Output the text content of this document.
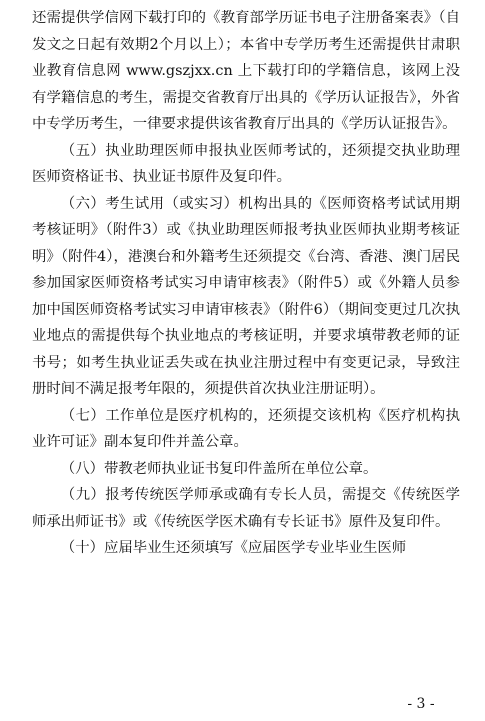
还需提供学信网下载打印的《教育部学历证书电子注册备案表》（自发文之日起有效期2个月以上）；本省中专学历考生还需提供甘肃职业教育信息网 www.gszjxx.cn 上下载打印的学籍信息，该网上没有学籍信息的考生，需提交省教育厅出具的《学历认证报告》，外省中专学历考生，一律要求提供该省教育厅出具的《学历认证报告》。

（五）执业助理医师申报执业医师考试的，还须提交执业助理医师资格证书、执业证书原件及复印件。

（六）考生试用（或实习）机构出具的《医师资格考试试用期考核证明》（附件3）或《执业助理医师报考执业医师执业期考核证明》（附件4），港澳台和外籍考生还须提交《台湾、香港、澳门居民参加国家医师资格考试实习申请审核表》（附件5）或《外籍人员参加中国医师资格考试实习申请审核表》（附件6）（期间变更过几次执业地点的需提供每个执业地点的考核证明，并要求填带教老师的证书号；如考生执业证丢失或在执业注册过程中有变更记录，导致注册时间不满足报考年限的，须提供首次执业注册证明）。

（七）工作单位是医疗机构的，还须提交该机构《医疗机构执业许可证》副本复印件并盖公章。

（八）带教老师执业证书复印件盖所在单位公章。

（九）报考传统医学师承或确有专长人员，需提交《传统医学师承出师证书》或《传统医学医术确有专长证书》原件及复印件。

（十）应届毕业生还须填写《应届医学专业毕业生医师

- 3 -
